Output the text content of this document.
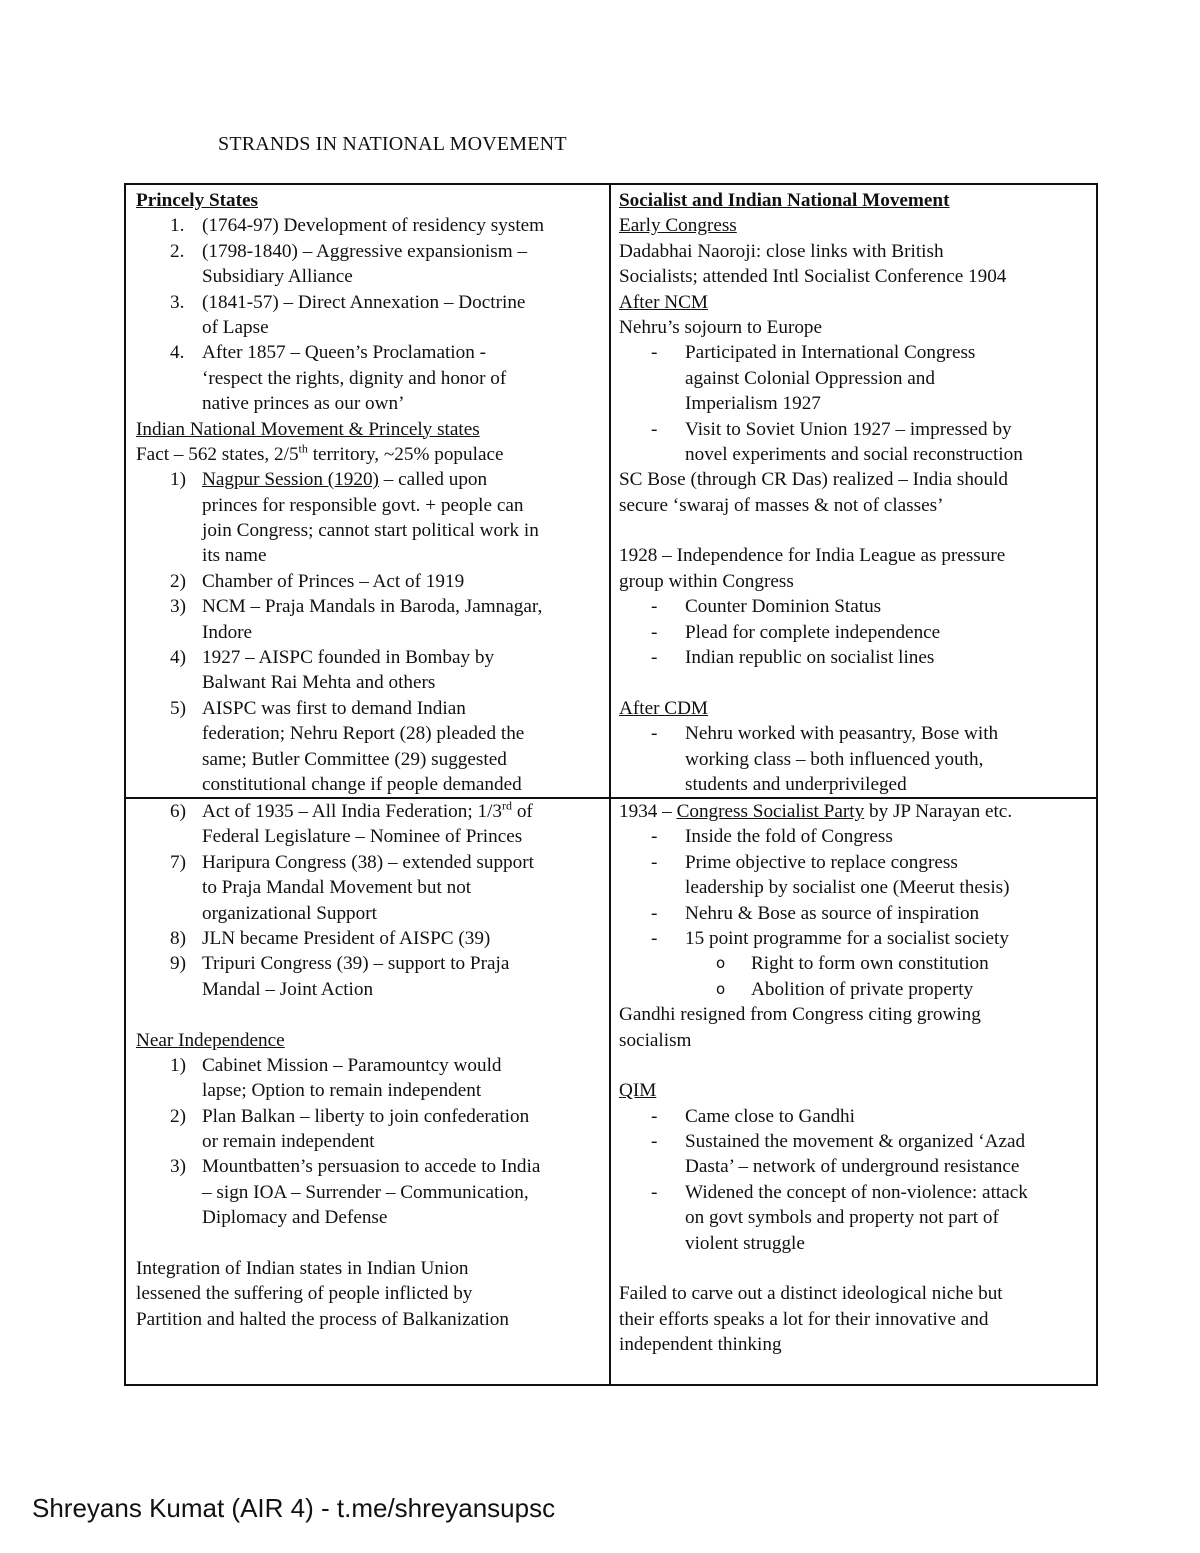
STRANDS IN NATIONAL MOVEMENT
Princely States
1. (1764-97) Development of residency system
2. (1798-1840) – Aggressive expansionism –
Subsidiary Alliance
3. (1841-57) – Direct Annexation – Doctrine
of Lapse
4. After 1857 – Queen’s Proclamation -
‘respect the rights, dignity and honor of
native princes as our own’
Indian National Movement & Princely states
Fact – 562 states, 2/5th territory, ~25% populace
1) Nagpur Session (1920) – called upon
princes for responsible govt. + people can
join Congress; cannot start political work in
its name
2) Chamber of Princes – Act of 1919
3) NCM – Praja Mandals in Baroda, Jamnagar,
Indore
4) 1927 – AISPC founded in Bombay by
Balwant Rai Mehta and others
5) AISPC was first to demand Indian
federation; Nehru Report (28) pleaded the
same; Butler Committee (29) suggested
constitutional change if people demanded
Socialist and Indian National Movement
Early Congress
Dadabhai Naoroji: close links with British
Socialists; attended Intl Socialist Conference 1904
After NCM
Nehru’s sojourn to Europe
- Participated in International Congress
against Colonial Oppression and
Imperialism 1927
- Visit to Soviet Union 1927 – impressed by
novel experiments and social reconstruction
SC Bose (through CR Das) realized – India should
secure ‘swaraj of masses & not of classes’
1928 – Independence for India League as pressure
group within Congress
- Counter Dominion Status
- Plead for complete independence
- Indian republic on socialist lines
After CDM
- Nehru worked with peasantry, Bose with
working class – both influenced youth,
students and underprivileged
6) Act of 1935 – All India Federation; 1/3rd of
Federal Legislature – Nominee of Princes
7) Haripura Congress (38) – extended support
to Praja Mandal Movement but not
organizational Support
8) JLN became President of AISPC (39)
9) Tripuri Congress (39) – support to Praja
Mandal – Joint Action
Near Independence
1) Cabinet Mission – Paramountcy would
lapse; Option to remain independent
2) Plan Balkan – liberty to join confederation
or remain independent
3) Mountbatten’s persuasion to accede to India
– sign IOA – Surrender – Communication,
Diplomacy and Defense
Integration of Indian states in Indian Union
lessened the suffering of people inflicted by
Partition and halted the process of Balkanization
1934 – Congress Socialist Party by JP Narayan etc.
- Inside the fold of Congress
- Prime objective to replace congress
leadership by socialist one (Meerut thesis)
- Nehru & Bose as source of inspiration
- 15 point programme for a socialist society
o Right to form own constitution
o Abolition of private property
Gandhi resigned from Congress citing growing
socialism
QIM
- Came close to Gandhi
- Sustained the movement & organized ‘Azad
Dasta’ – network of underground resistance
- Widened the concept of non-violence: attack
on govt symbols and property not part of
violent struggle
Failed to carve out a distinct ideological niche but
their efforts speaks a lot for their innovative and
independent thinking
Shreyans Kumat (AIR 4) - t.me/shreyansupsc
